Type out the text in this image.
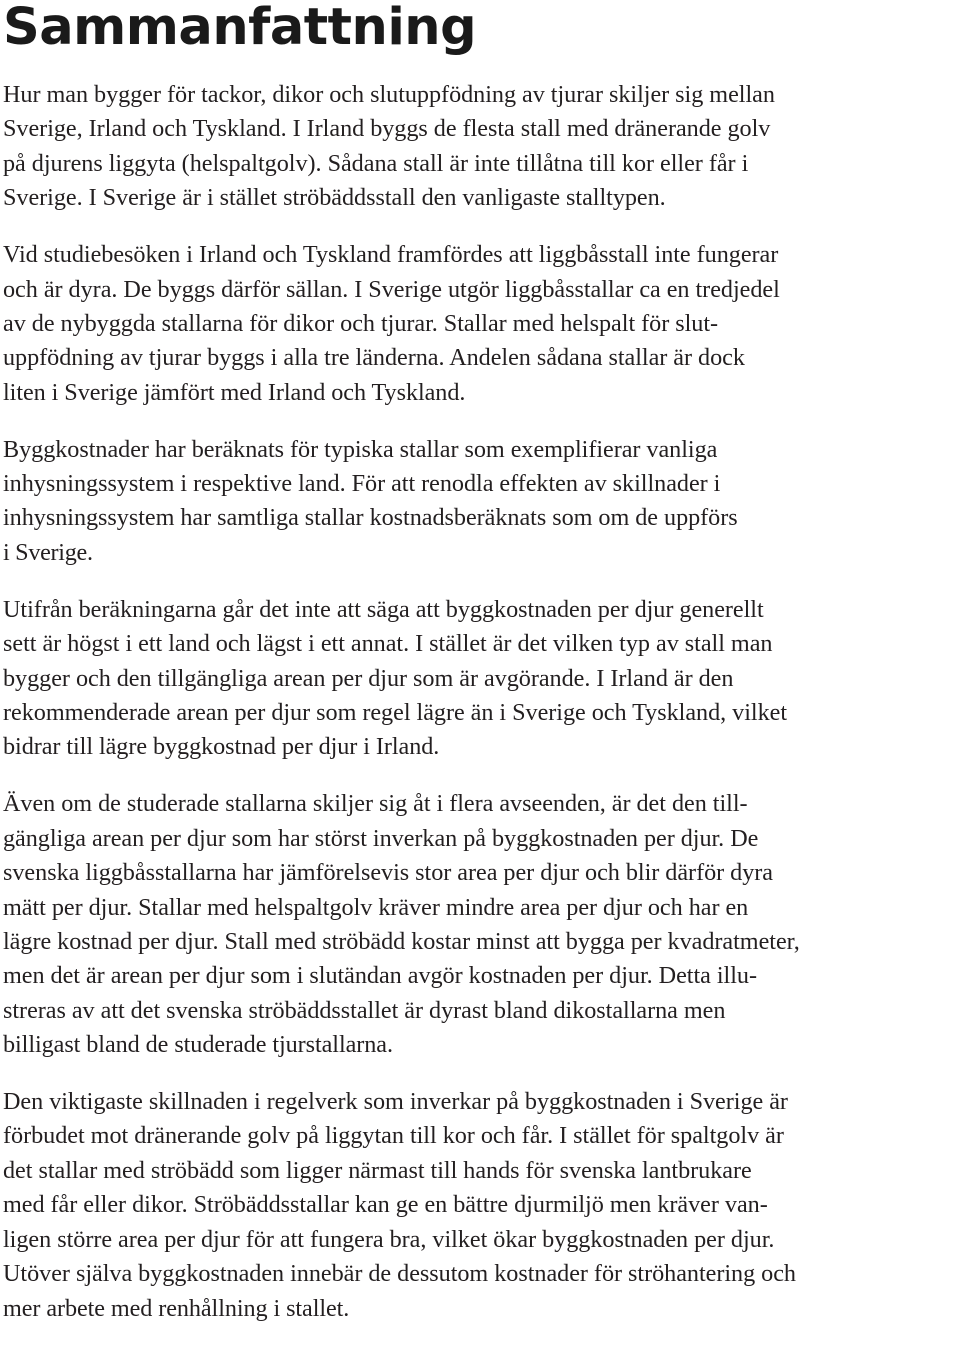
Sammanfattning

Hur man bygger för tackor, dikor och slutuppfödning av tjurar skiljer sig mellan
Sverige, Irland och Tyskland. I Irland byggs de flesta stall med dränerande golv
på djurens liggyta (helspaltgolv). Sådana stall är inte tillåtna till kor eller får i
Sverige. I Sverige är i stället ströbäddsstall den vanligaste stalltypen.

Vid studiebesöken i Irland och Tyskland framfördes att liggbåsstall inte fungerar
och är dyra. De byggs därför sällan. I Sverige utgör liggbåsstallar ca en tredjedel
av de nybyggda stallarna för dikor och tjurar. Stallar med helspalt för slut-
uppfödning av tjurar byggs i alla tre länderna. Andelen sådana stallar är dock
liten i Sverige jämfört med Irland och Tyskland.

Byggkostnader har beräknats för typiska stallar som exemplifierar vanliga
inhysningssystem i respektive land. För att renodla effekten av skillnader i
inhysningssystem har samtliga stallar kostnadsberäknats som om de uppförs
i Sverige.

Utifrån beräkningarna går det inte att säga att byggkostnaden per djur generellt
sett är högst i ett land och lägst i ett annat. I stället är det vilken typ av stall man
bygger och den tillgängliga arean per djur som är avgörande. I Irland är den
rekommenderade arean per djur som regel lägre än i Sverige och Tyskland, vilket
bidrar till lägre byggkostnad per djur i Irland.

Även om de studerade stallarna skiljer sig åt i flera avseenden, är det den till-
gängliga arean per djur som har störst inverkan på byggkostnaden per djur. De
svenska liggbåsstallarna har jämförelsevis stor area per djur och blir därför dyra
mätt per djur. Stallar med helspaltgolv kräver mindre area per djur och har en
lägre kostnad per djur. Stall med ströbädd kostar minst att bygga per kvadratmeter,
men det är arean per djur som i slutändan avgör kostnaden per djur. Detta illu-
streras av att det svenska ströbäddsstallet är dyrast bland dikostallarna men
billigast bland de studerade tjurstallarna.

Den viktigaste skillnaden i regelverk som inverkar på byggkostnaden i Sverige är
förbudet mot dränerande golv på liggytan till kor och får. I stället för spaltgolv är
det stallar med ströbädd som ligger närmast till hands för svenska lantbrukare
med får eller dikor. Ströbäddsstallar kan ge en bättre djurmiljö men kräver van-
ligen större area per djur för att fungera bra, vilket ökar byggkostnaden per djur.
Utöver själva byggkostnaden innebär de dessutom kostnader för ströhantering och
mer arbete med renhållning i stallet.
